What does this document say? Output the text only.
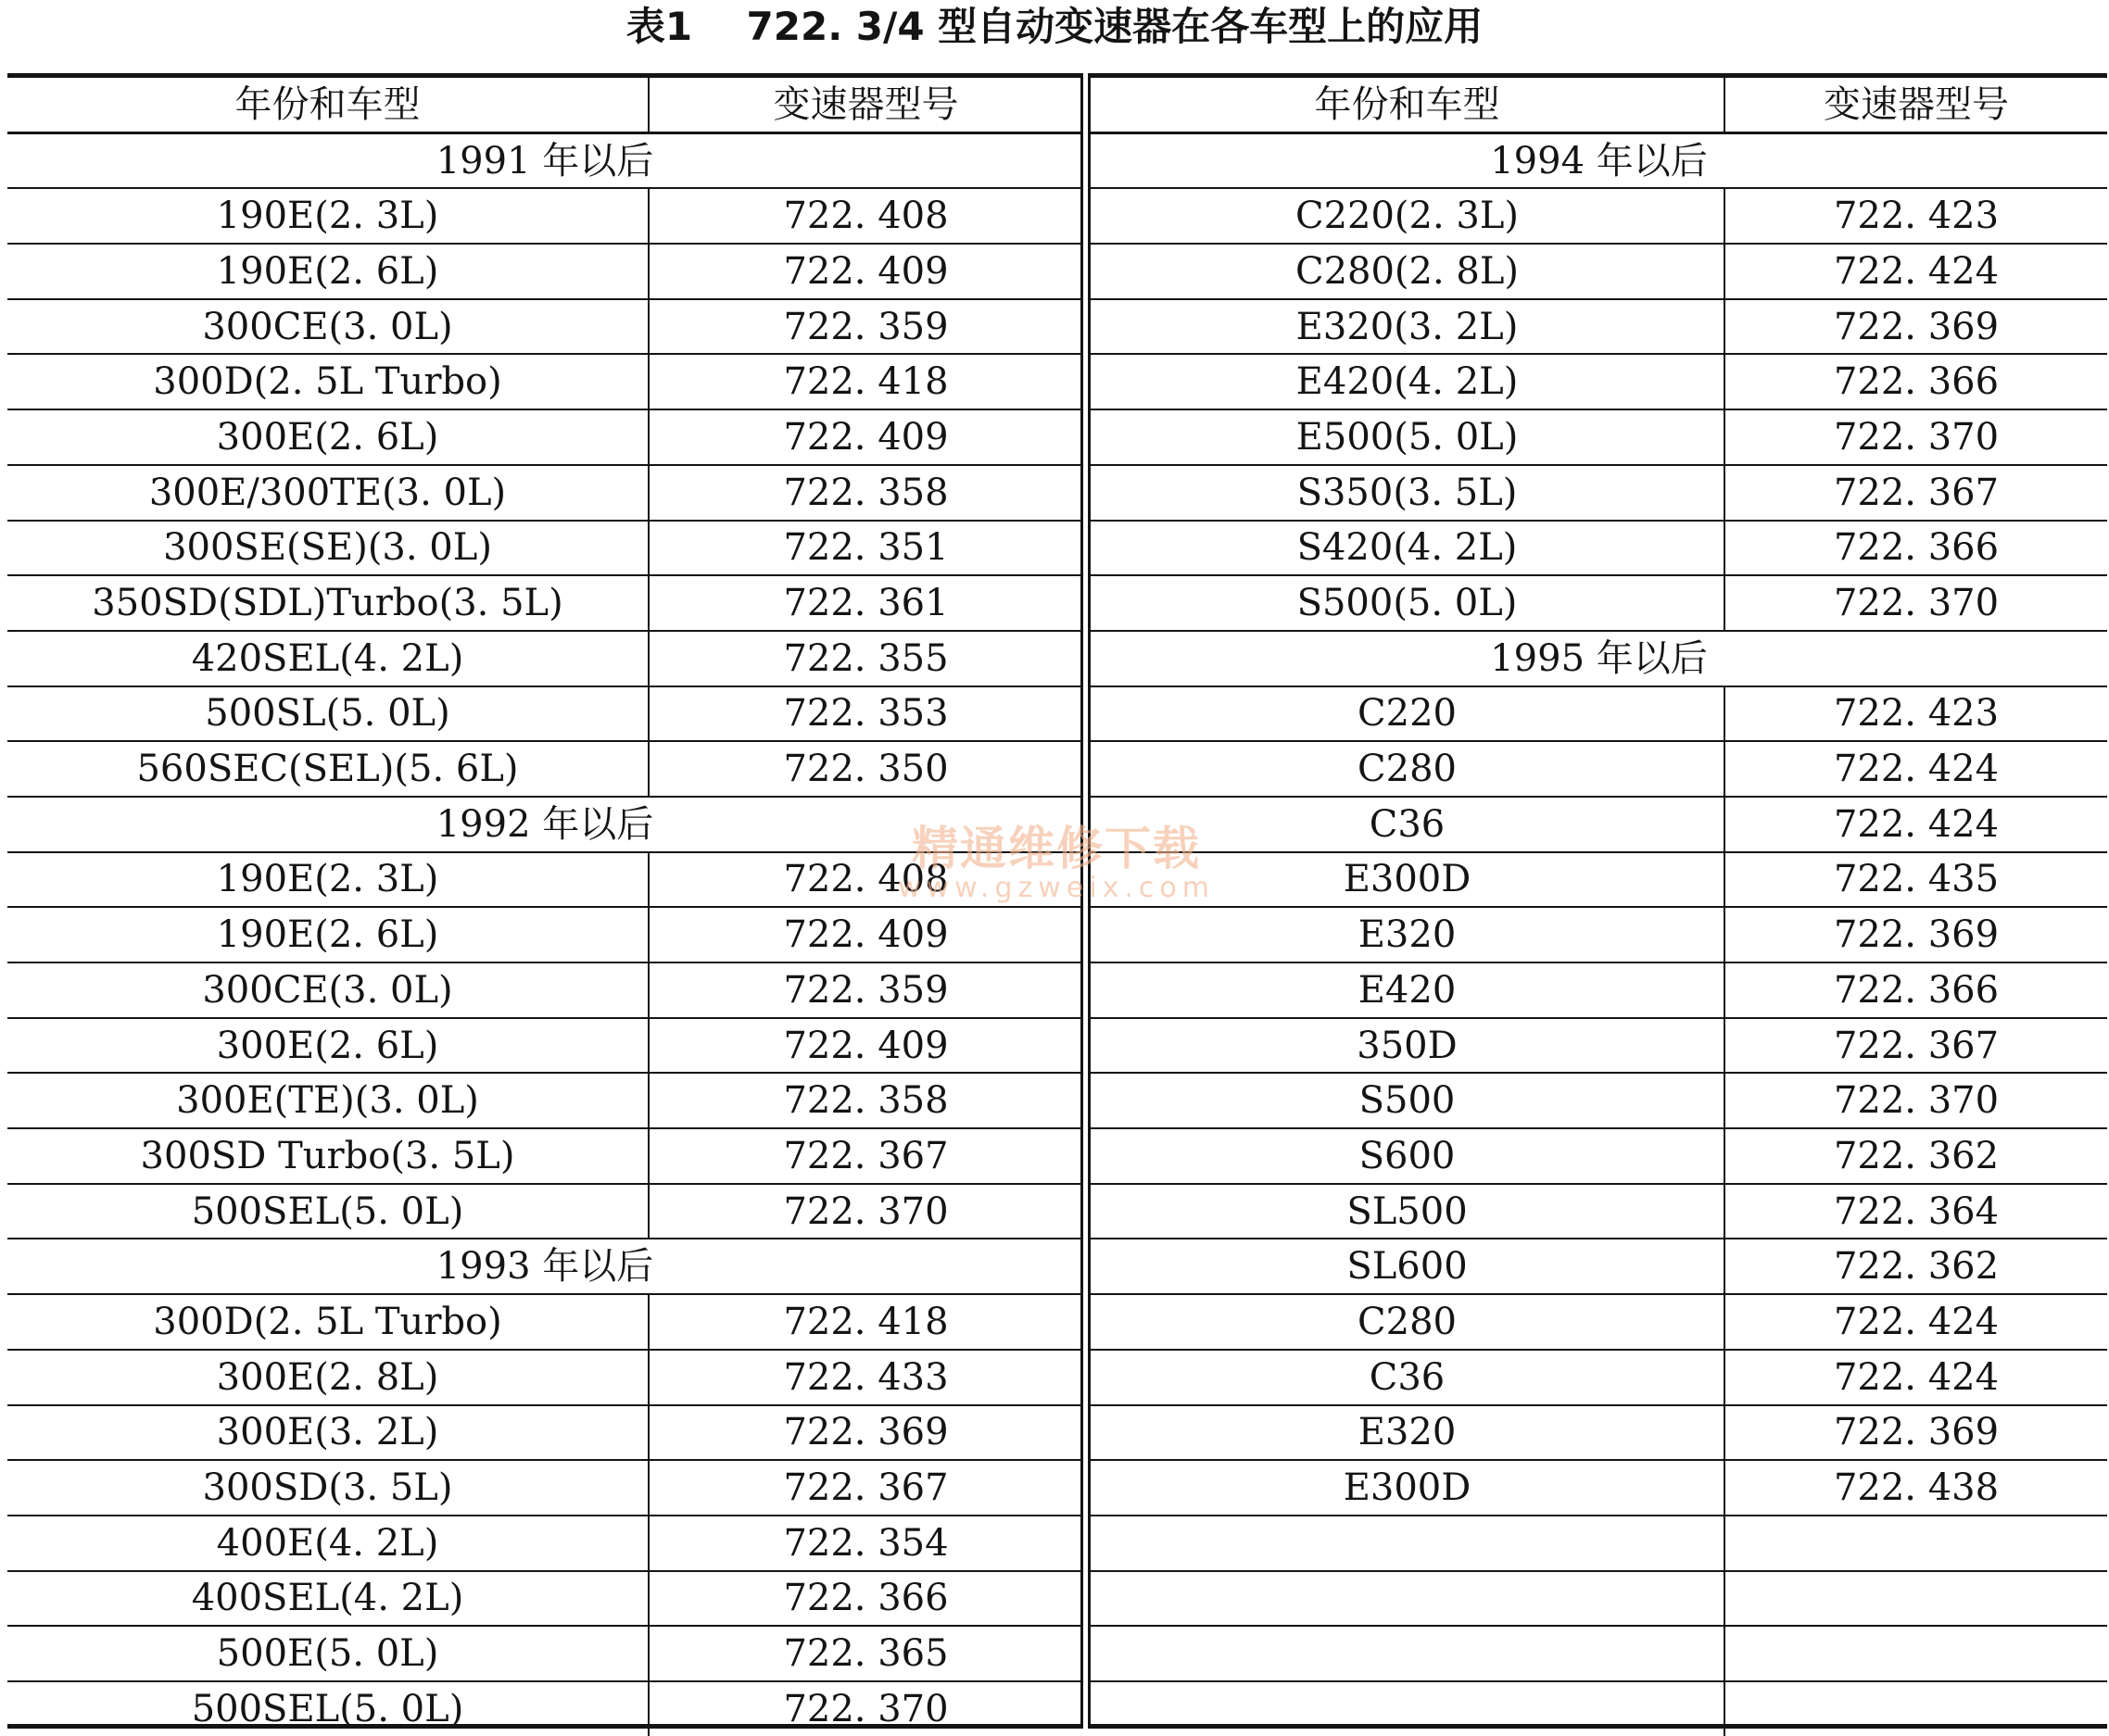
表1    722. 3/4 型自动变速器在各车型上的应用
年份和车型	变速器型号
1991 年以后	
190E(2. 3L)	722. 408
190E(2. 6L)	722. 409
300CE(3. 0L)	722. 359
300D(2. 5L Turbo)	722. 418
300E(2. 6L)	722. 409
300E/300TE(3. 0L)	722. 358
300SE(SE)(3. 0L)	722. 351
350SD(SDL)Turbo(3. 5L)	722. 361
420SEL(4. 2L)	722. 355
500SL(5. 0L)	722. 353
560SEC(SEL)(5. 6L)	722. 350
1992 年以后	
190E(2. 3L)	722. 408
190E(2. 6L)	722. 409
300CE(3. 0L)	722. 359
300E(2. 6L)	722. 409
300E(TE)(3. 0L)	722. 358
300SD Turbo(3. 5L)	722. 367
500SEL(5. 0L)	722. 370
1993 年以后	
300D(2. 5L Turbo)	722. 418
300E(2. 8L)	722. 433
300E(3. 2L)	722. 369
300SD(3. 5L)	722. 367
400E(4. 2L)	722. 354
400SEL(4. 2L)	722. 366
500E(5. 0L)	722. 365
500SEL(5. 0L)	722. 370
年份和车型	变速器型号
1994 年以后	
C220(2. 3L)	722. 423
C280(2. 8L)	722. 424
E320(3. 2L)	722. 369
E420(4. 2L)	722. 366
E500(5. 0L)	722. 370
S350(3. 5L)	722. 367
S420(4. 2L)	722. 366
S500(5. 0L)	722. 370
1995 年以后	
C220	722. 423
C280	722. 424
C36	722. 424
E300D	722. 435
E320	722. 369
E420	722. 366
350D	722. 367
S500	722. 370
S600	722. 362
SL500	722. 364
SL600	722. 362
C280	722. 424
C36	722. 424
E320	722. 369
E300D	722. 438

精通维修下载
www.gzweix.com
